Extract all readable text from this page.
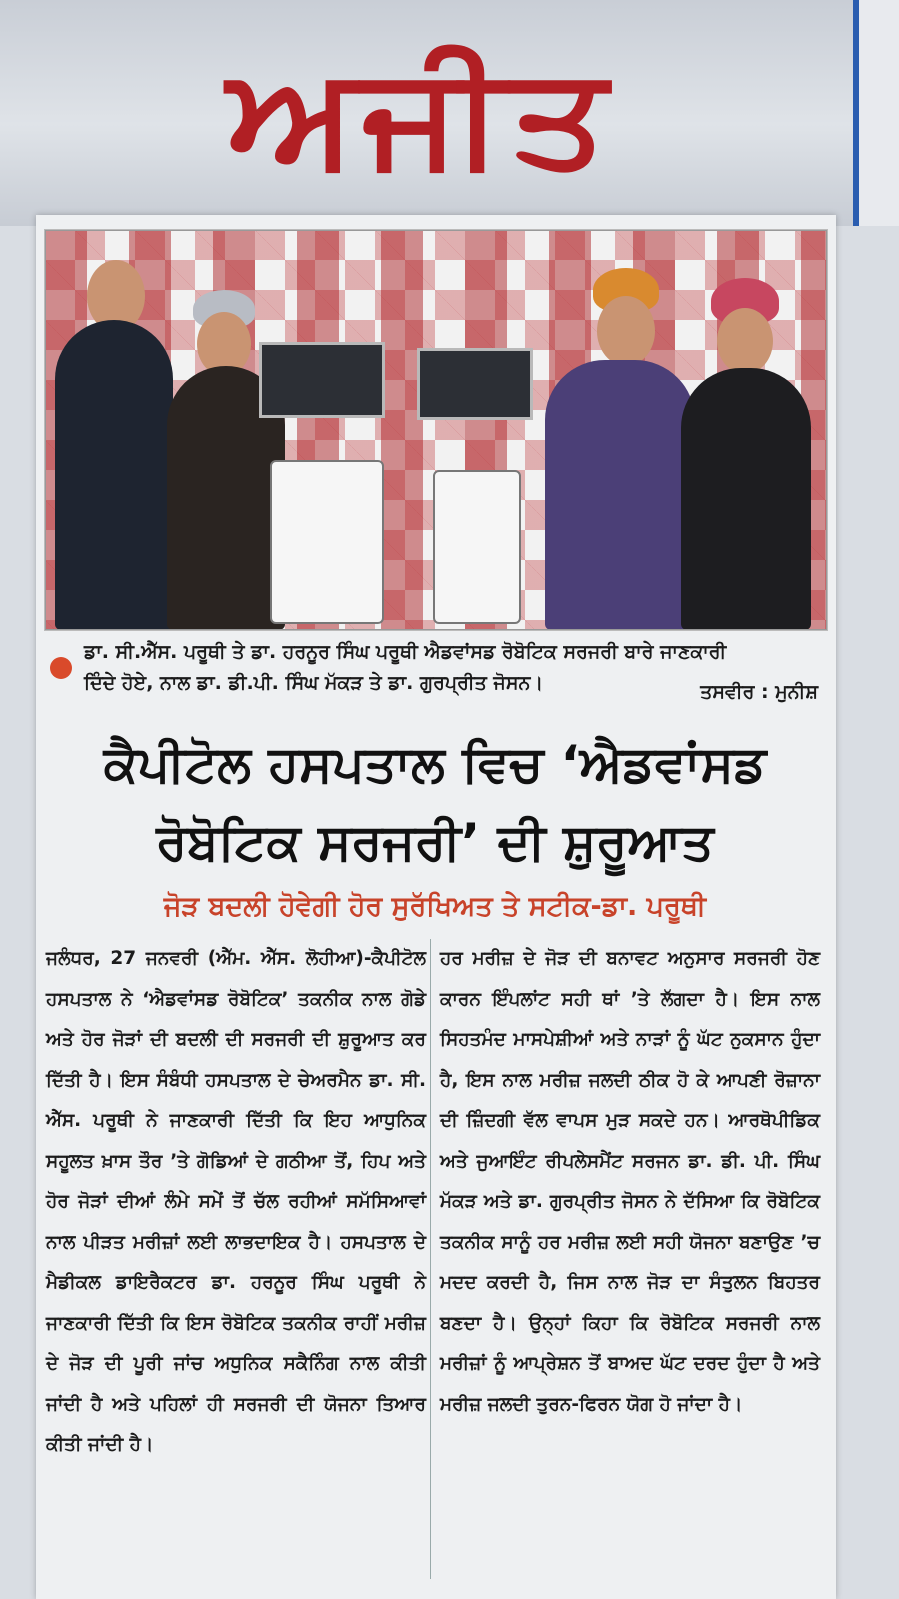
ਅਜੀਤ
ਡਾ. ਸੀ.ਐੱਸ. ਪਰੂਥੀ ਤੇ ਡਾ. ਹਰਨੂਰ ਸਿੰਘ ਪਰੂਥੀ ਐਡਵਾਂਸਡ ਰੋਬੋਟਿਕ ਸਰਜਰੀ ਬਾਰੇ ਜਾਣਕਾਰੀ
ਦਿੰਦੇ ਹੋਏ, ਨਾਲ ਡਾ. ਡੀ.ਪੀ. ਸਿੰਘ ਮੱਕੜ ਤੇ ਡਾ. ਗੁਰਪ੍ਰੀਤ ਜੋਸਨ।	ਤਸਵੀਰ : ਮੁਨੀਸ਼
ਕੈਪੀਟੋਲ ਹਸਪਤਾਲ ਵਿਚ ‘ਐਡਵਾਂਸਡ
ਰੋਬੋਟਿਕ ਸਰਜਰੀ’ ਦੀ ਸ਼ੁਰੂਆਤ
ਜੋੜ ਬਦਲੀ ਹੋਵੇਗੀ ਹੋਰ ਸੁਰੱਖਿਅਤ ਤੇ ਸਟੀਕ-ਡਾ. ਪਰੂਥੀ
ਜਲੰਧਰ, 27 ਜਨਵਰੀ (ਐੱਮ. ਐੱਸ. ਲੋਹੀਆ)-ਕੈਪੀਟੋਲ ਹਸਪਤਾਲ ਨੇ ‘ਐਡਵਾਂਸਡ ਰੋਬੋਟਿਕ’ ਤਕਨੀਕ ਨਾਲ ਗੋਡੇ ਅਤੇ ਹੋਰ ਜੋੜਾਂ ਦੀ ਬਦਲੀ ਦੀ ਸਰਜਰੀ ਦੀ ਸ਼ੁਰੂਆਤ ਕਰ ਦਿੱਤੀ ਹੈ। ਇਸ ਸੰਬੰਧੀ ਹਸਪਤਾਲ ਦੇ ਚੇਅਰਮੈਨ ਡਾ. ਸੀ. ਐੱਸ. ਪਰੂਥੀ ਨੇ ਜਾਣਕਾਰੀ ਦਿੱਤੀ ਕਿ ਇਹ ਆਧੁਨਿਕ ਸਹੂਲਤ ਖ਼ਾਸ ਤੌਰ ’ਤੇ ਗੋਡਿਆਂ ਦੇ ਗਠੀਆ ਤੋਂ, ਹਿਪ ਅਤੇ ਹੋਰ ਜੋੜਾਂ ਦੀਆਂ ਲੰਮੇ ਸਮੇਂ ਤੋਂ ਚੱਲ ਰਹੀਆਂ ਸਮੱਸਿਆਵਾਂ ਨਾਲ ਪੀੜਤ ਮਰੀਜ਼ਾਂ ਲਈ ਲਾਭਦਾਇਕ ਹੈ। ਹਸਪਤਾਲ ਦੇ ਮੈਡੀਕਲ ਡਾਇਰੈਕਟਰ ਡਾ. ਹਰਨੂਰ ਸਿੰਘ ਪਰੂਥੀ ਨੇ ਜਾਣਕਾਰੀ ਦਿੱਤੀ ਕਿ ਇਸ ਰੋਬੋਟਿਕ ਤਕਨੀਕ ਰਾਹੀਂ ਮਰੀਜ਼ ਦੇ ਜੋੜ ਦੀ ਪੂਰੀ ਜਾਂਚ ਅਧੁਨਿਕ ਸਕੈਨਿੰਗ ਨਾਲ ਕੀਤੀ ਜਾਂਦੀ ਹੈ ਅਤੇ ਪਹਿਲਾਂ ਹੀ ਸਰਜਰੀ ਦੀ ਯੋਜਨਾ ਤਿਆਰ ਕੀਤੀ ਜਾਂਦੀ ਹੈ।
ਹਰ ਮਰੀਜ਼ ਦੇ ਜੋੜ ਦੀ ਬਨਾਵਟ ਅਨੁਸਾਰ ਸਰਜਰੀ ਹੋਣ ਕਾਰਨ ਇੰਪਲਾਂਟ ਸਹੀ ਥਾਂ ’ਤੇ ਲੱਗਦਾ ਹੈ। ਇਸ ਨਾਲ ਸਿਹਤਮੰਦ ਮਾਸਪੇਸ਼ੀਆਂ ਅਤੇ ਨਾੜਾਂ ਨੂੰ ਘੱਟ ਨੁਕਸਾਨ ਹੁੰਦਾ ਹੈ, ਇਸ ਨਾਲ ਮਰੀਜ਼ ਜਲਦੀ ਠੀਕ ਹੋ ਕੇ ਆਪਣੀ ਰੋਜ਼ਾਨਾ ਦੀ ਜ਼ਿੰਦਗੀ ਵੱਲ ਵਾਪਸ ਮੁੜ ਸਕਦੇ ਹਨ। ਆਰਥੋਪੀਡਿਕ ਅਤੇ ਜੁਆਇੰਟ ਰੀਪਲੇਸਮੈਂਟ ਸਰਜਨ ਡਾ. ਡੀ. ਪੀ. ਸਿੰਘ ਮੱਕੜ ਅਤੇ ਡਾ. ਗੁਰਪ੍ਰੀਤ ਜੋਸਨ ਨੇ ਦੱਸਿਆ ਕਿ ਰੋਬੋਟਿਕ ਤਕਨੀਕ ਸਾਨੂੰ ਹਰ ਮਰੀਜ਼ ਲਈ ਸਹੀ ਯੋਜਨਾ ਬਣਾਉਣ ’ਚ ਮਦਦ ਕਰਦੀ ਹੈ, ਜਿਸ ਨਾਲ ਜੋੜ ਦਾ ਸੰਤੁਲਨ ਬਿਹਤਰ ਬਣਦਾ ਹੈ। ਉਨ੍ਹਾਂ ਕਿਹਾ ਕਿ ਰੋਬੋਟਿਕ ਸਰਜਰੀ ਨਾਲ ਮਰੀਜ਼ਾਂ ਨੂੰ ਆਪ੍ਰੇਸ਼ਨ ਤੋਂ ਬਾਅਦ ਘੱਟ ਦਰਦ ਹੁੰਦਾ ਹੈ ਅਤੇ ਮਰੀਜ਼ ਜਲਦੀ ਤੁਰਨ-ਫਿਰਨ ਯੋਗ ਹੋ ਜਾਂਦਾ ਹੈ।
